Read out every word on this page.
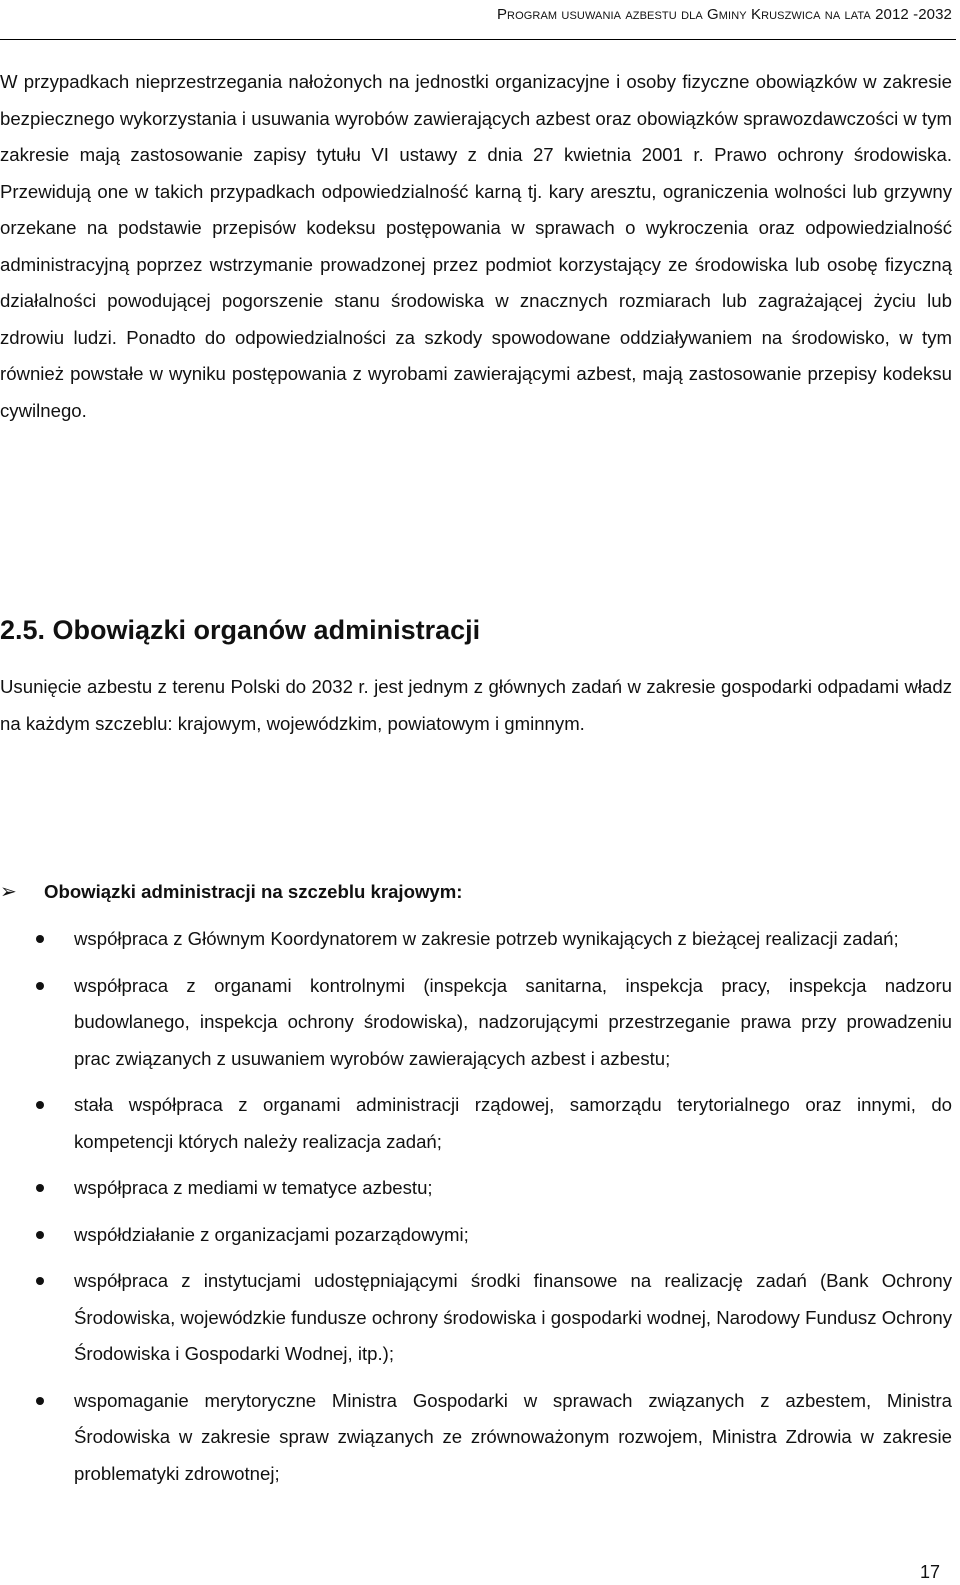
Program usuwania azbestu dla Gminy Kruszwica na lata 2012 -2032

W przypadkach nieprzestrzegania nałożonych na jednostki organizacyjne i osoby fizyczne obowiązków w zakresie bezpiecznego wykorzystania i usuwania wyrobów zawierających azbest oraz obowiązków sprawozdawczości w tym zakresie mają zastosowanie zapisy tytułu VI ustawy z dnia 27 kwietnia 2001 r. Prawo ochrony środowiska. Przewidują one w takich przypadkach odpowiedzialność karną tj. kary aresztu, ograniczenia wolności lub grzywny orzekane na podstawie przepisów kodeksu postępowania w sprawach o wykroczenia oraz odpowiedzialność administracyjną poprzez wstrzymanie prowadzonej przez podmiot korzystający ze środowiska lub osobę fizyczną działalności powodującej pogorszenie stanu środowiska w znacznych rozmiarach lub zagrażającej życiu lub zdrowiu ludzi. Ponadto do odpowiedzialności za szkody spowodowane oddziaływaniem na środowisko, w tym również powstałe w wyniku postępowania z wyrobami zawierającymi azbest, mają zastosowanie przepisy kodeksu cywilnego.

2.5. Obowiązki organów administracji

Usunięcie azbestu z terenu Polski do 2032 r. jest jednym z głównych zadań w zakresie gospodarki odpadami władz na każdym szczeblu: krajowym, wojewódzkim, powiatowym i gminnym.

➢ Obowiązki administracji na szczeblu krajowym:
współpraca z Głównym Koordynatorem w zakresie potrzeb wynikających z bieżącej realizacji zadań;
współpraca z organami kontrolnymi (inspekcja sanitarna, inspekcja pracy, inspekcja nadzoru budowlanego, inspekcja ochrony środowiska), nadzorującymi przestrzeganie prawa przy prowadzeniu prac związanych z usuwaniem wyrobów zawierających azbest i azbestu;
stała współpraca z organami administracji rządowej, samorządu terytorialnego oraz innymi, do kompetencji których należy realizacja zadań;
współpraca z mediami w tematyce azbestu;
współdziałanie z organizacjami pozarządowymi;
współpraca z instytucjami udostępniającymi środki finansowe na realizację zadań (Bank Ochrony Środowiska, wojewódzkie fundusze ochrony środowiska i gospodarki wodnej, Narodowy Fundusz Ochrony Środowiska i Gospodarki Wodnej, itp.);
wspomaganie merytoryczne Ministra Gospodarki w sprawach związanych z azbestem, Ministra Środowiska w zakresie spraw związanych ze zrównoważonym rozwojem, Ministra Zdrowia w zakresie problematyki zdrowotnej;
17
